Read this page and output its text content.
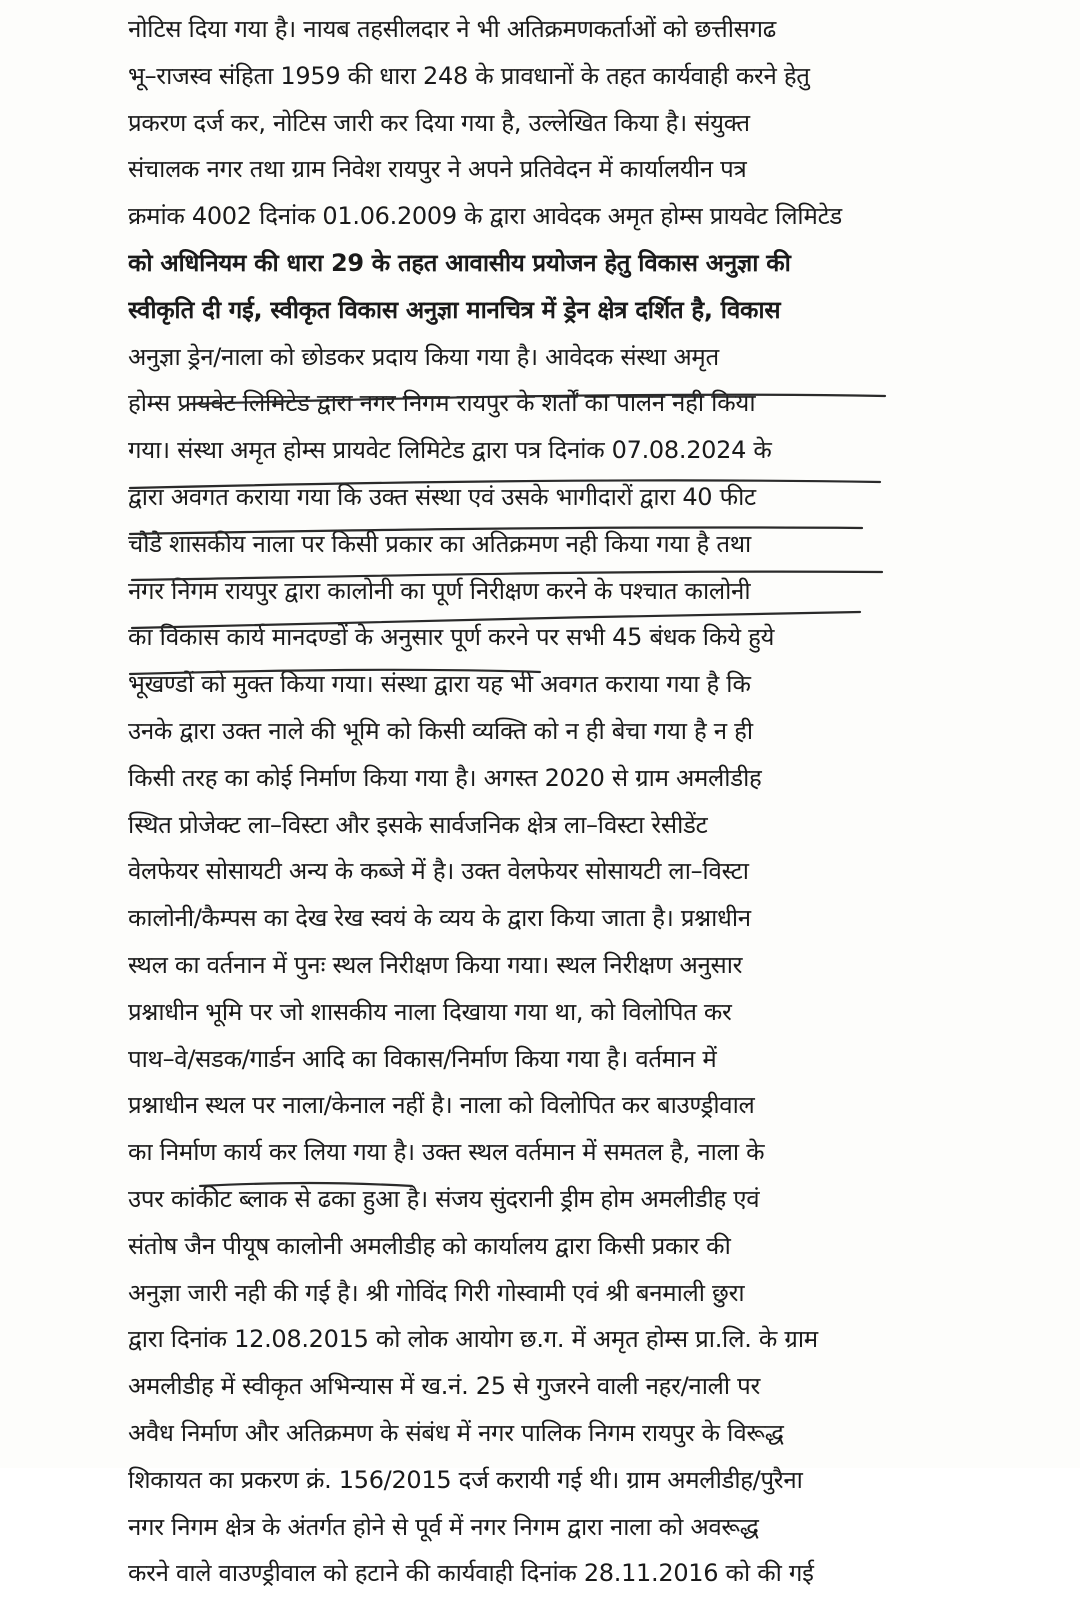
नोटिस दिया गया है। नायब तहसीलदार ने भी अतिक्रमणकर्ताओं को छत्तीसगढ
भू–राजस्व संहिता 1959 की धारा 248 के प्रावधानों के तहत कार्यवाही करने हेतु
प्रकरण दर्ज कर, नोटिस जारी कर दिया गया है, उल्लेखित किया है। संयुक्त
संचालक नगर तथा ग्राम निवेश रायपुर ने अपने प्रतिवेदन में कार्यालयीन पत्र
क्रमांक 4002 दिनांक 01.06.2009 के द्वारा आवेदक अमृत होम्स प्रायवेट लिमिटेड
को अधिनियम की धारा 29 के तहत आवासीय प्रयोजन हेतु विकास अनुज्ञा की
स्वीकृति दी गई, स्वीकृत विकास अनुज्ञा मानचित्र में ड्रेन क्षेत्र दर्शित है, विकास
अनुज्ञा ड्रेन/नाला को छोडकर प्रदाय किया गया है। आवेदक संस्था अमृत
होम्स प्रायवेट लिमिटेड द्वारा नगर निगम रायपुर के शर्तों का पालन नही किया
गया। संस्था अमृत होम्स प्रायवेट लिमिटेड द्वारा पत्र दिनांक 07.08.2024 के
द्वारा अवगत कराया गया कि उक्त संस्था एवं उसके भागीदारों द्वारा 40 फीट
चौडे शासकीय नाला पर किसी प्रकार का अतिक्रमण नही किया गया है तथा
नगर निगम रायपुर द्वारा कालोनी का पूर्ण निरीक्षण करने के पश्चात कालोनी
का विकास कार्य मानदण्डों के अनुसार पूर्ण करने पर सभी 45 बंधक किये हुये
भूखण्डों को मुक्त किया गया। संस्था द्वारा यह भी अवगत कराया गया है कि
उनके द्वारा उक्त नाले की भूमि को किसी व्यक्ति को न ही बेचा गया है न ही
किसी तरह का कोई निर्माण किया गया है। अगस्त 2020 से ग्राम अमलीडीह
स्थित प्रोजेक्ट ला–विस्टा और इसके सार्वजनिक क्षेत्र ला–विस्टा रेसीडेंट
वेलफेयर सोसायटी अन्य के कब्जे में है। उक्त वेलफेयर सोसायटी ला–विस्टा
कालोनी/कैम्पस का देख रेख स्वयं के व्यय के द्वारा किया जाता है। प्रश्नाधीन
स्थल का वर्तनान में पुनः स्थल निरीक्षण किया गया। स्थल निरीक्षण अनुसार
प्रश्नाधीन भूमि पर जो शासकीय नाला दिखाया गया था, को विलोपित कर
पाथ–वे/सडक/गार्डन आदि का विकास/निर्माण किया गया है। वर्तमान में
प्रश्नाधीन स्थल पर नाला/केनाल नहीं है। नाला को विलोपित कर बाउण्ड्रीवाल
का निर्माण कार्य कर लिया गया है। उक्त स्थल वर्तमान में समतल है, नाला के
उपर कांकीट ब्लाक से ढका हुआ है। संजय सुंदरानी ड्रीम होम अमलीडीह एवं
संतोष जैन पीयूष कालोनी अमलीडीह को कार्यालय द्वारा किसी प्रकार की
अनुज्ञा जारी नही की गई है। श्री गोविंद गिरी गोस्वामी एवं श्री बनमाली छुरा
द्वारा दिनांक 12.08.2015 को लोक आयोग छ.ग. में अमृत होम्स प्रा.लि. के ग्राम
अमलीडीह में स्वीकृत अभिन्यास में ख.नं. 25 से गुजरने वाली नहर/नाली पर
अवैध निर्माण और अतिक्रमण के संबंध में नगर पालिक निगम रायपुर के विरूद्ध
शिकायत का प्रकरण क्रं. 156/2015 दर्ज करायी गई थी। ग्राम अमलीडीह/पुरैना
नगर निगम क्षेत्र के अंतर्गत होने से पूर्व में नगर निगम द्वारा नाला को अवरूद्ध
करने वाले वाउण्ड्रीवाल को हटाने की कार्यवाही दिनांक 28.11.2016 को की गई
